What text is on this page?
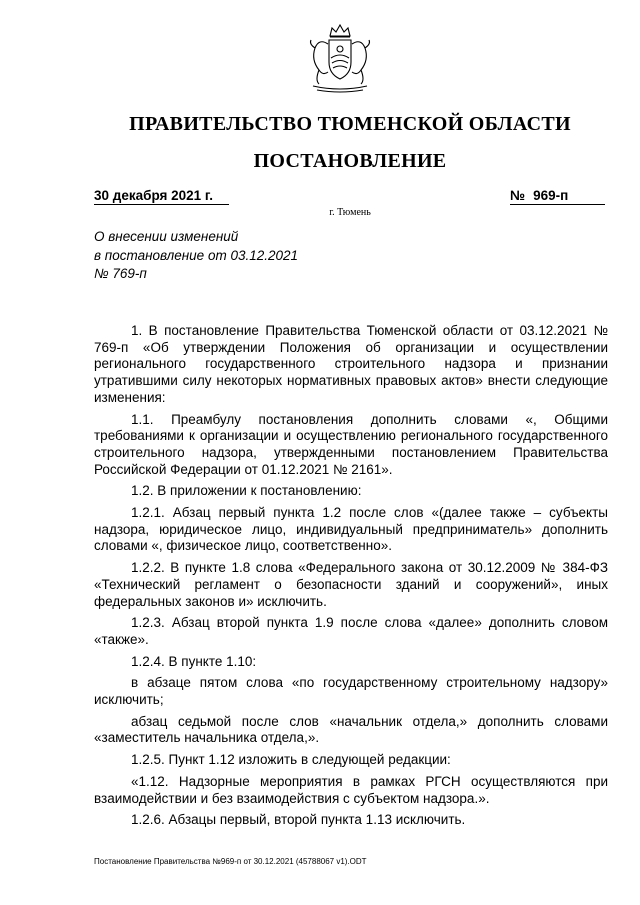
ПРАВИТЕЛЬСТВО ТЮМЕНСКОЙ ОБЛАСТИ
ПОСТАНОВЛЕНИЕ
30 декабря 2021 г.	№ 969-п
г. Тюмень
О внесении изменений
в постановление от 03.12.2021
№ 769-п

1. В постановление Правительства Тюменской области от 03.12.2021 № 769-п «Об утверждении Положения об организации и осуществлении регионального государственного строительного надзора и признании утратившими силу некоторых нормативных правовых актов» внести следующие изменения:

1.1. Преамбулу постановления дополнить словами «, Общими требованиями к организации и осуществлению регионального государственного строительного надзора, утвержденными постановлением Правительства Российской Федерации от 01.12.2021 № 2161».

1.2. В приложении к постановлению:

1.2.1. Абзац первый пункта 1.2 после слов «(далее также – субъекты надзора, юридическое лицо, индивидуальный предприниматель» дополнить словами «, физическое лицо, соответственно».

1.2.2. В пункте 1.8 слова «Федерального закона от 30.12.2009 № 384-ФЗ «Технический регламент о безопасности зданий и сооружений», иных федеральных законов и» исключить.

1.2.3. Абзац второй пункта 1.9 после слова «далее» дополнить словом «также».

1.2.4. В пункте 1.10:

в абзаце пятом слова «по государственному строительному надзору» исключить;

абзац седьмой после слов «начальник отдела,» дополнить словами «заместитель начальника отдела,».

1.2.5. Пункт 1.12 изложить в следующей редакции:

«1.12. Надзорные мероприятия в рамках РГСН осуществляются при взаимодействии и без взаимодействия с субъектом надзора.».

1.2.6. Абзацы первый, второй пункта 1.13 исключить.

Постановление Правительства №969-п от 30.12.2021 (45788067 v1).ODT
